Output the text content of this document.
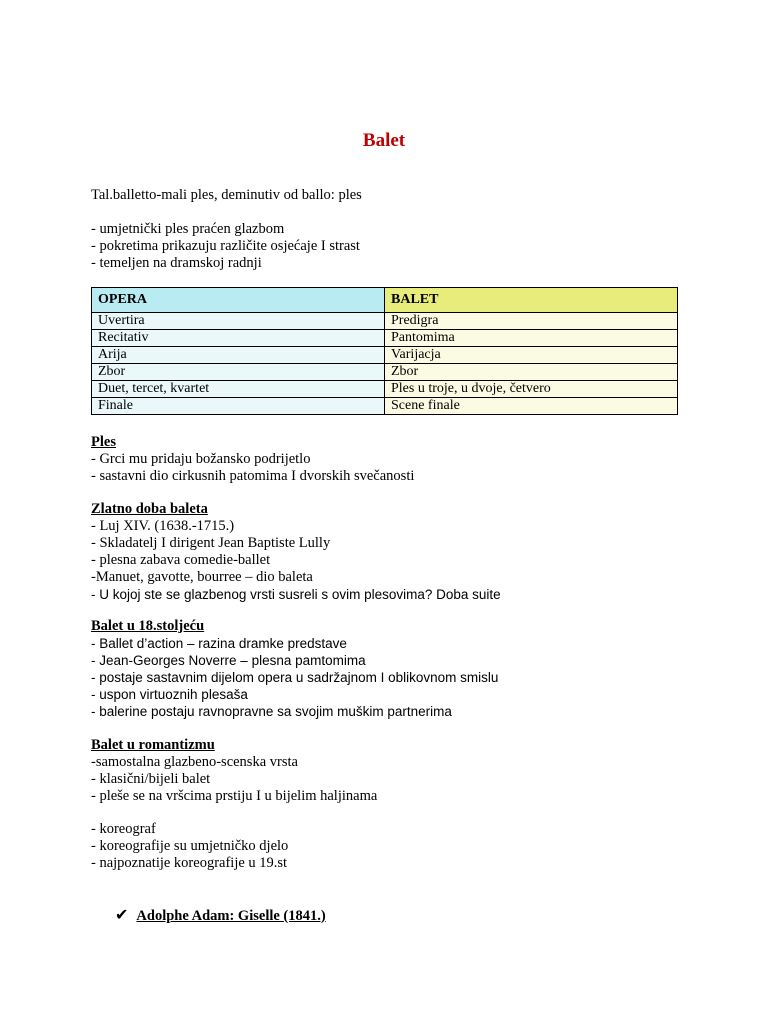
Balet
Tal.balletto-mali ples, deminutiv od ballo: ples
- umjetnički ples praćen glazbom
- pokretima prikazuju različite osjećaje I strast
- temeljen na dramskoj radnji
OPERA	BALET
Uvertira	Predigra
Recitativ	Pantomima
Arija	Varijacja
Zbor	Zbor
Duet, tercet, kvartet	Ples u troje, u dvoje, četvero
Finale	Scene finale
Ples
- Grci mu pridaju božansko podrijetlo
- sastavni dio cirkusnih patomima I dvorskih svečanosti
Zlatno doba baleta
- Luj XIV. (1638.-1715.)
- Skladatelj I dirigent Jean Baptiste Lully
- plesna zabava comedie-ballet
-Manuet, gavotte, bourree – dio baleta
- U kojoj ste se glazbenog vrsti susreli s ovim plesovima? Doba suite
Balet u 18.stoljeću
- Ballet d’action – razina dramke predstave
- Jean-Georges Noverre – plesna pamtomima
- postaje sastavnim dijelom opera u sadržajnom I oblikovnom smislu
- uspon virtuoznih plesaša
- balerine postaju ravnopravne sa svojim muškim partnerima
Balet u romantizmu
-samostalna glazbeno-scenska vrsta
- klasični/bijeli balet
- pleše se na vršcima prstiju I u bijelim haljinama
- koreograf
- koreografije su umjetničko djelo
- najpoznatije koreografije u 19.st
✔ Adolphe Adam: Giselle (1841.)
